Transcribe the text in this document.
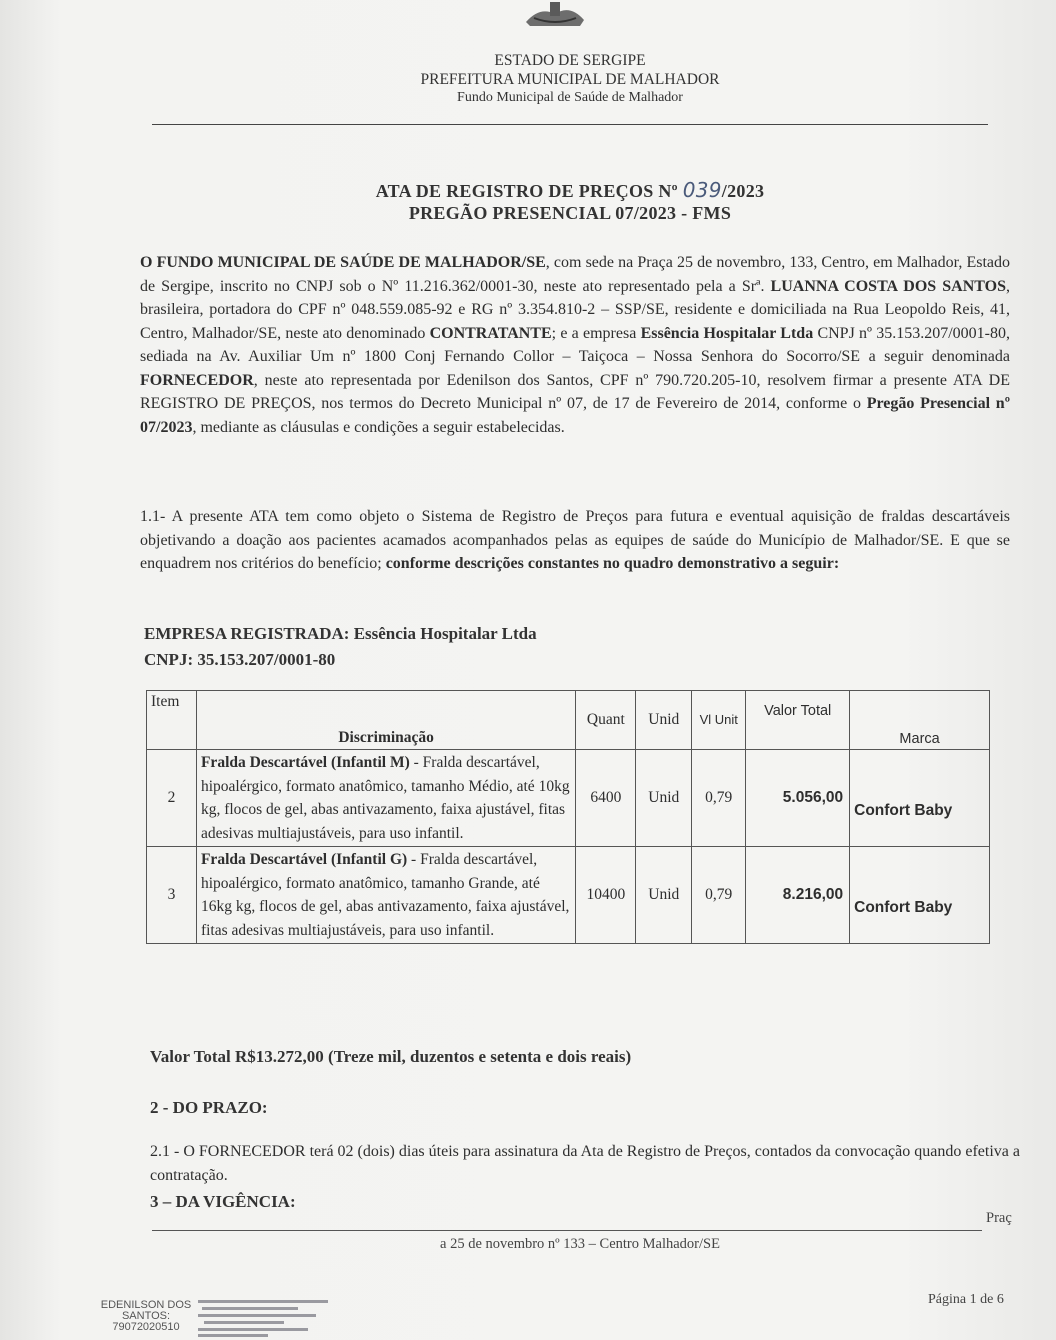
ESTADO DE SERGIPE
PREFEITURA MUNICIPAL DE MALHADOR
Fundo Municipal de Saúde de Malhador
ATA DE REGISTRO DE PREÇOS Nº 039/2023
PREGÃO PRESENCIAL 07/2023 - FMS
O FUNDO MUNICIPAL DE SAÚDE DE MALHADOR/SE, com sede na Praça 25 de novembro, 133, Centro, em Malhador, Estado de Sergipe, inscrito no CNPJ sob o Nº 11.216.362/0001-30, neste ato representado pela a Srª. LUANNA COSTA DOS SANTOS, brasileira, portadora do CPF nº 048.559.085-92 e RG nº 3.354.810-2 – SSP/SE, residente e domiciliada na Rua Leopoldo Reis, 41, Centro, Malhador/SE, neste ato denominado CONTRATANTE; e a empresa Essência Hospitalar Ltda CNPJ nº 35.153.207/0001-80, sediada na Av. Auxiliar Um nº 1800 Conj Fernando Collor – Taiçoca – Nossa Senhora do Socorro/SE a seguir denominada FORNECEDOR, neste ato representada por Edenilson dos Santos, CPF nº 790.720.205-10, resolvem firmar a presente ATA DE REGISTRO DE PREÇOS, nos termos do Decreto Municipal nº 07, de 17 de Fevereiro de 2014, conforme o Pregão Presencial nº 07/2023, mediante as cláusulas e condições a seguir estabelecidas.
1.1- A presente ATA tem como objeto o Sistema de Registro de Preços para futura e eventual aquisição de fraldas descartáveis objetivando a doação aos pacientes acamados acompanhados pelas as equipes de saúde do Município de Malhador/SE. E que se enquadrem nos critérios do benefício; conforme descrições constantes no quadro demonstrativo a seguir:
EMPRESA REGISTRADA: Essência Hospitalar Ltda
CNPJ: 35.153.207/0001-80
Item	Discriminação	Quant	Unid	Vl Unit	Valor Total	Marca
2	Fralda Descartável (Infantil M) - Fralda descartável, hipoalérgico, formato anatômico, tamanho Médio, até 10kg kg, flocos de gel, abas antivazamento, faixa ajustável, fitas adesivas multiajustáveis, para uso infantil.	6400	Unid	0,79	5.056,00	Confort Baby
3	Fralda Descartável (Infantil G) - Fralda descartável, hipoalérgico, formato anatômico, tamanho Grande, até 16kg kg, flocos de gel, abas antivazamento, faixa ajustável, fitas adesivas multiajustáveis, para uso infantil.	10400	Unid	0,79	8.216,00	Confort Baby
Valor Total R$13.272,00 (Treze mil, duzentos e setenta e dois reais)
2 - DO PRAZO:
2.1 - O FORNECEDOR terá 02 (dois) dias úteis para assinatura da Ata de Registro de Preços, contados da convocação quando efetiva a contratação.
3 – DA VIGÊNCIA:
Praç
a 25 de novembro nº 133 – Centro Malhador/SE
Página 1 de 6
EDENILSON DOS
SANTOS:
79072020510
